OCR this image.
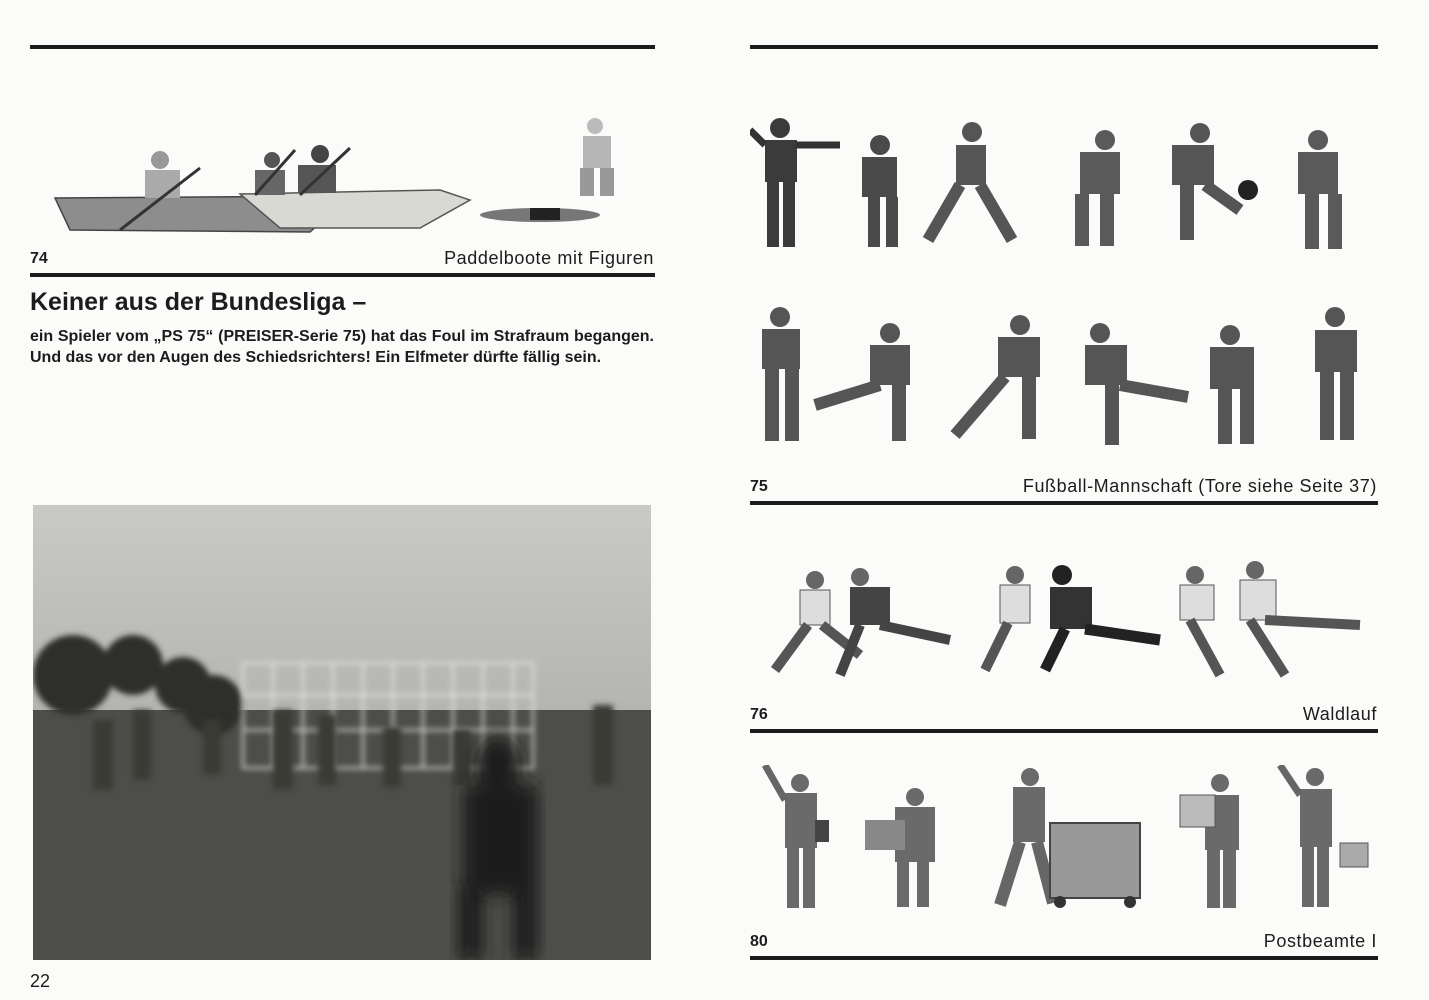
74	Paddelboote mit Figuren
Keiner aus der Bundesliga –
ein Spieler vom „PS 75“ (PREISER-Serie 75) hat das Foul im Strafraum begangen. Und das vor den Augen des Schiedsrichters! Ein Elfmeter dürfte fällig sein.
22
75	Fußball-Mannschaft (Tore siehe Seite 37)
76	Waldlauf
80	Postbeamte I
